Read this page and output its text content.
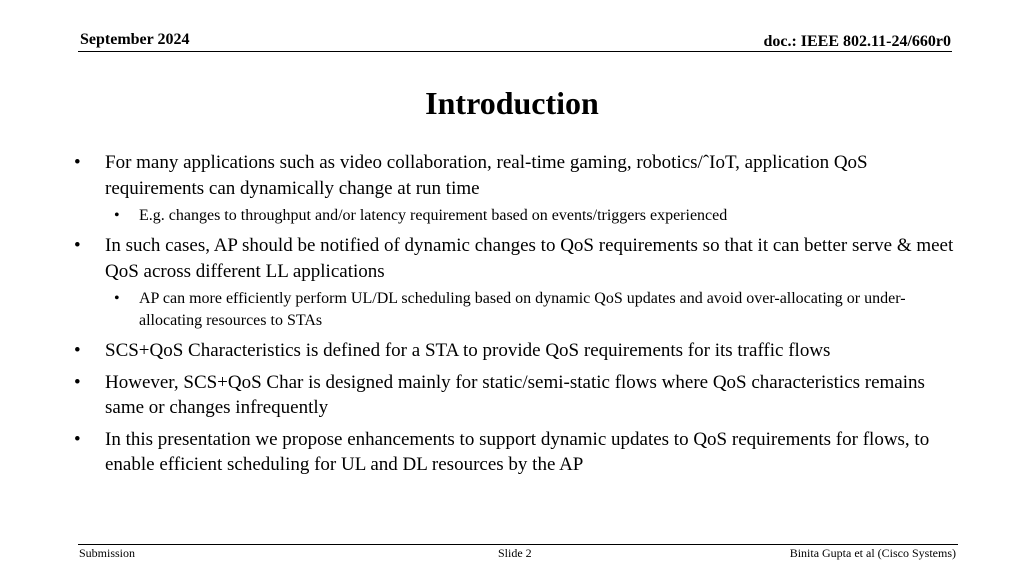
September 2024	doc.: IEEE 802.11-24/660r0
Introduction
• For many applications such as video collaboration, real-time gaming, robotics/ˆIoT, application QoS requirements can dynamically change at run time
• E.g. changes to throughput and/or latency requirement based on events/triggers experienced
• In such cases, AP should be notified of dynamic changes to QoS requirements so that it can better serve & meet QoS across different LL applications
• AP can more efficiently perform UL/DL scheduling based on dynamic QoS updates and avoid over-allocating or under-allocating resources to STAs
• SCS+QoS Characteristics is defined for a STA to provide QoS requirements for its traffic flows
• However, SCS+QoS Char is designed mainly for static/semi-static flows where QoS characteristics remains same or changes infrequently
• In this presentation we propose enhancements to support dynamic updates to QoS requirements for flows, to enable efficient scheduling for UL and DL resources by the AP
Submission	Slide 2	Binita Gupta et al (Cisco Systems)
